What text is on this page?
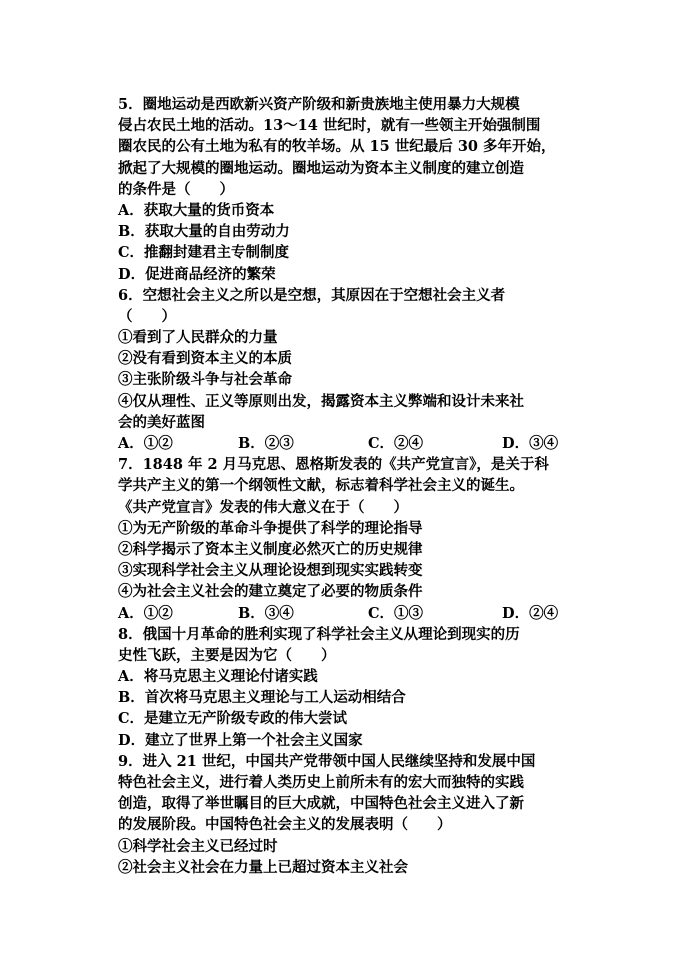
5．圈地运动是西欧新兴资产阶级和新贵族地主使用暴力大规模
侵占农民土地的活动。13～14 世纪时，就有一些领主开始强制围
圈农民的公有土地为私有的牧羊场。从 15 世纪最后 30 多年开始，
掀起了大规模的圈地运动。圈地运动为资本主义制度的建立创造
的条件是（　　）
A．获取大量的货币资本
B．获取大量的自由劳动力
C．推翻封建君主专制制度
D．促进商品经济的繁荣
6．空想社会主义之所以是空想，其原因在于空想社会主义者
（　　）
①看到了人民群众的力量
②没有看到资本主义的本质
③主张阶级斗争与社会革命
④仅从理性、正义等原则出发，揭露资本主义弊端和设计未来社
会的美好蓝图
A．①②	B．②③	C．②④	D．③④
7．1848 年 2 月马克思、恩格斯发表的《共产党宣言》，是关于科
学共产主义的第一个纲领性文献，标志着科学社会主义的诞生。
《共产党宣言》发表的伟大意义在于（　　）
①为无产阶级的革命斗争提供了科学的理论指导
②科学揭示了资本主义制度必然灭亡的历史规律
③实现科学社会主义从理论设想到现实实践转变
④为社会主义社会的建立奠定了必要的物质条件
A．①②	B．③④	C．①③	D．②④
8．俄国十月革命的胜利实现了科学社会主义从理论到现实的历
史性飞跃，主要是因为它（　　）
A．将马克思主义理论付诸实践
B．首次将马克思主义理论与工人运动相结合
C．是建立无产阶级专政的伟大尝试
D．建立了世界上第一个社会主义国家
9．进入 21 世纪，中国共产党带领中国人民继续坚持和发展中国
特色社会主义，进行着人类历史上前所未有的宏大而独特的实践
创造，取得了举世瞩目的巨大成就，中国特色社会主义进入了新
的发展阶段。中国特色社会主义的发展表明（　　）
①科学社会主义已经过时
②社会主义社会在力量上已超过资本主义社会
